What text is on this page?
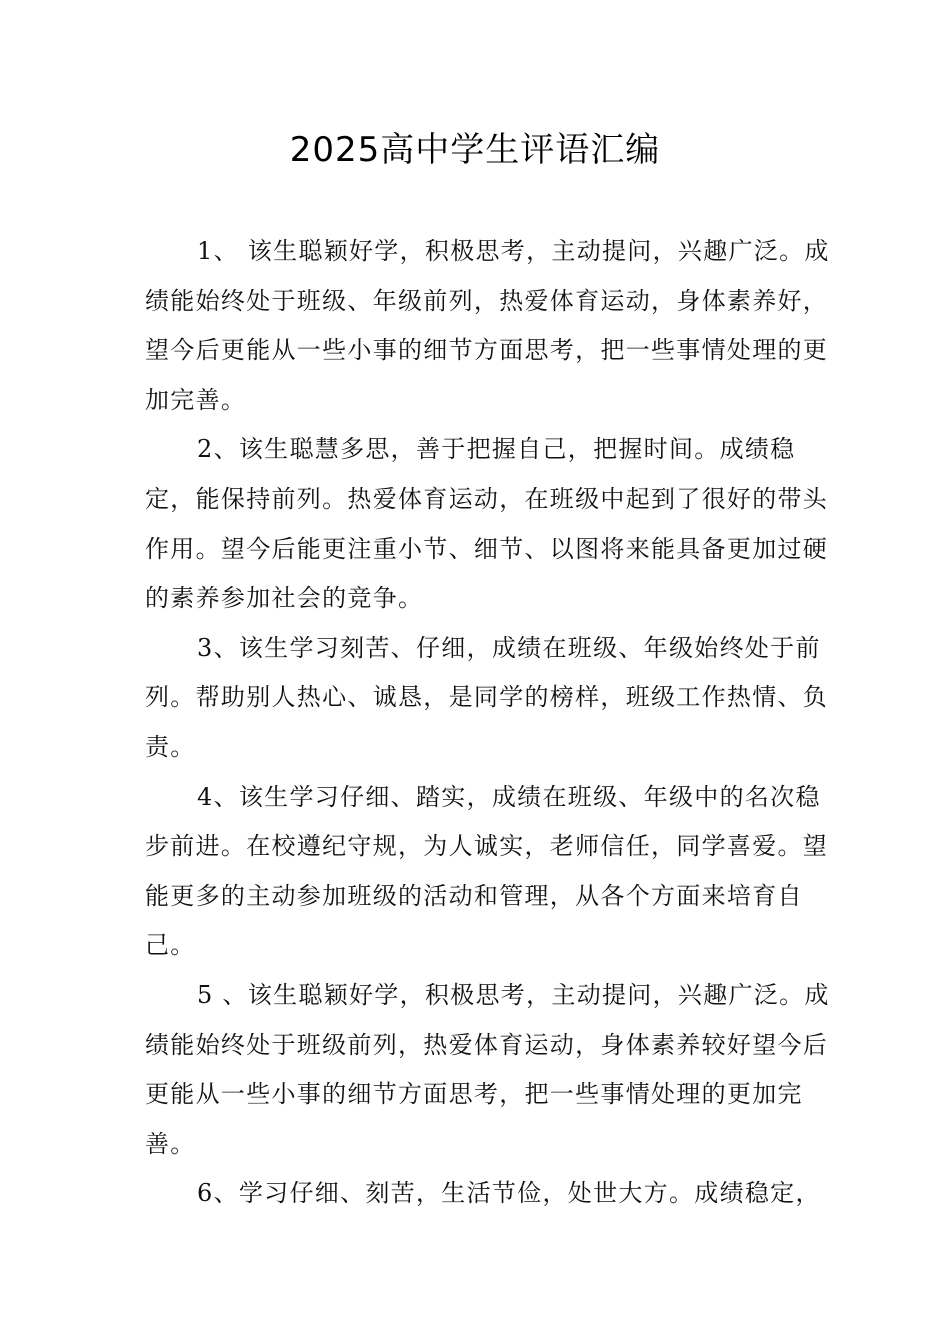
2025高中学生评语汇编

1、 该生聪颖好学，积极思考，主动提问，兴趣广泛。成绩能始终处于班级、年级前列，热爱体育运动，身体素养好，望今后更能从一些小事的细节方面思考，把一些事情处理的更加完善。

2、该生聪慧多思，善于把握自己，把握时间。成绩稳定，能保持前列。热爱体育运动，在班级中起到了很好的带头作用。望今后能更注重小节、细节、以图将来能具备更加过硬的素养参加社会的竞争。

3、该生学习刻苦、仔细，成绩在班级、年级始终处于前列。帮助别人热心、诚恳，是同学的榜样，班级工作热情、负责。

4、该生学习仔细、踏实，成绩在班级、年级中的名次稳步前进。在校遵纪守规，为人诚实，老师信任，同学喜爱。望能更多的主动参加班级的活动和管理，从各个方面来培育自己。

5 、该生聪颖好学，积极思考，主动提问，兴趣广泛。成绩能始终处于班级前列，热爱体育运动，身体素养较好望今后更能从一些小事的细节方面思考，把一些事情处理的更加完善。

6、学习仔细、刻苦，生活节俭，处世大方。成绩稳定，
